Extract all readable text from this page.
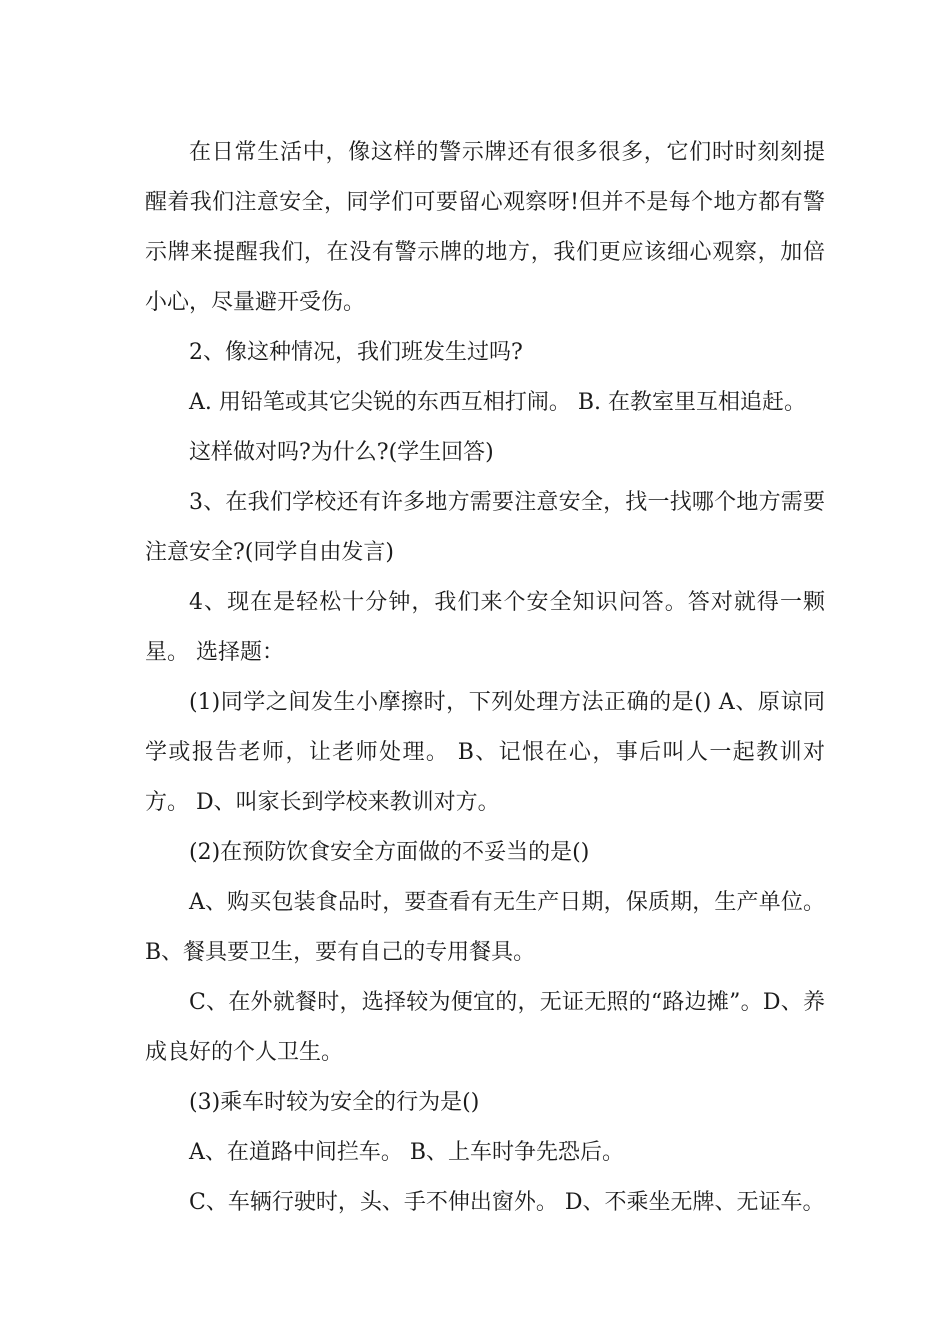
在日常生活中，像这样的警示牌还有很多很多，它们时时刻刻提醒着我们注意安全，同学们可要留心观察呀!但并不是每个地方都有警示牌来提醒我们，在没有警示牌的地方，我们更应该细心观察，加倍小心，尽量避开受伤。

2、像这种情况，我们班发生过吗?

A. 用铅笔或其它尖锐的东西互相打闹。 B. 在教室里互相追赶。

这样做对吗?为什么?(学生回答)

3、在我们学校还有许多地方需要注意安全，找一找哪个地方需要注意安全?(同学自由发言)

4、现在是轻松十分钟，我们来个安全知识问答。答对就得一颗星。 选择题：

(1)同学之间发生小摩擦时，下列处理方法正确的是() A、原谅同学或报告老师，让老师处理。 B、记恨在心，事后叫人一起教训对方。 D、叫家长到学校来教训对方。

(2)在预防饮食安全方面做的不妥当的是()

A、购买包装食品时，要查看有无生产日期，保质期，生产单位。 B、餐具要卫生，要有自己的专用餐具。

C、在外就餐时，选择较为便宜的，无证无照的“路边摊”。D、养成良好的个人卫生。

(3)乘车时较为安全的行为是()

A、在道路中间拦车。 B、上车时争先恐后。

C、车辆行驶时，头、手不伸出窗外。 D、不乘坐无牌、无证车。
